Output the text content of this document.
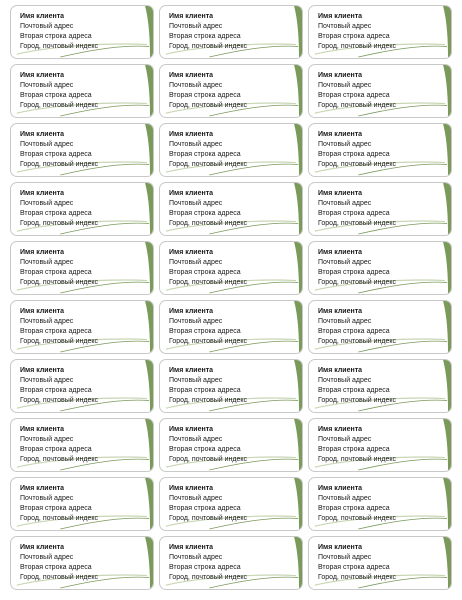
Имя клиента
Почтовый адрес
Вторая строка адреса
Город, почтовый индекс
Имя клиента
Почтовый адрес
Вторая строка адреса
Город, почтовый индекс
Имя клиента
Почтовый адрес
Вторая строка адреса
Город, почтовый индекс
Имя клиента
Почтовый адрес
Вторая строка адреса
Город, почтовый индекс
Имя клиента
Почтовый адрес
Вторая строка адреса
Город, почтовый индекс
Имя клиента
Почтовый адрес
Вторая строка адреса
Город, почтовый индекс
Имя клиента
Почтовый адрес
Вторая строка адреса
Город, почтовый индекс
Имя клиента
Почтовый адрес
Вторая строка адреса
Город, почтовый индекс
Имя клиента
Почтовый адрес
Вторая строка адреса
Город, почтовый индекс
Имя клиента
Почтовый адрес
Вторая строка адреса
Город, почтовый индекс
Имя клиента
Почтовый адрес
Вторая строка адреса
Город, почтовый индекс
Имя клиента
Почтовый адрес
Вторая строка адреса
Город, почтовый индекс
Имя клиента
Почтовый адрес
Вторая строка адреса
Город, почтовый индекс
Имя клиента
Почтовый адрес
Вторая строка адреса
Город, почтовый индекс
Имя клиента
Почтовый адрес
Вторая строка адреса
Город, почтовый индекс
Имя клиента
Почтовый адрес
Вторая строка адреса
Город, почтовый индекс
Имя клиента
Почтовый адрес
Вторая строка адреса
Город, почтовый индекс
Имя клиента
Почтовый адрес
Вторая строка адреса
Город, почтовый индекс
Имя клиента
Почтовый адрес
Вторая строка адреса
Город, почтовый индекс
Имя клиента
Почтовый адрес
Вторая строка адреса
Город, почтовый индекс
Имя клиента
Почтовый адрес
Вторая строка адреса
Город, почтовый индекс
Имя клиента
Почтовый адрес
Вторая строка адреса
Город, почтовый индекс
Имя клиента
Почтовый адрес
Вторая строка адреса
Город, почтовый индекс
Имя клиента
Почтовый адрес
Вторая строка адреса
Город, почтовый индекс
Имя клиента
Почтовый адрес
Вторая строка адреса
Город, почтовый индекс
Имя клиента
Почтовый адрес
Вторая строка адреса
Город, почтовый индекс
Имя клиента
Почтовый адрес
Вторая строка адреса
Город, почтовый индекс
Имя клиента
Почтовый адрес
Вторая строка адреса
Город, почтовый индекс
Имя клиента
Почтовый адрес
Вторая строка адреса
Город, почтовый индекс
Имя клиента
Почтовый адрес
Вторая строка адреса
Город, почтовый индекс
